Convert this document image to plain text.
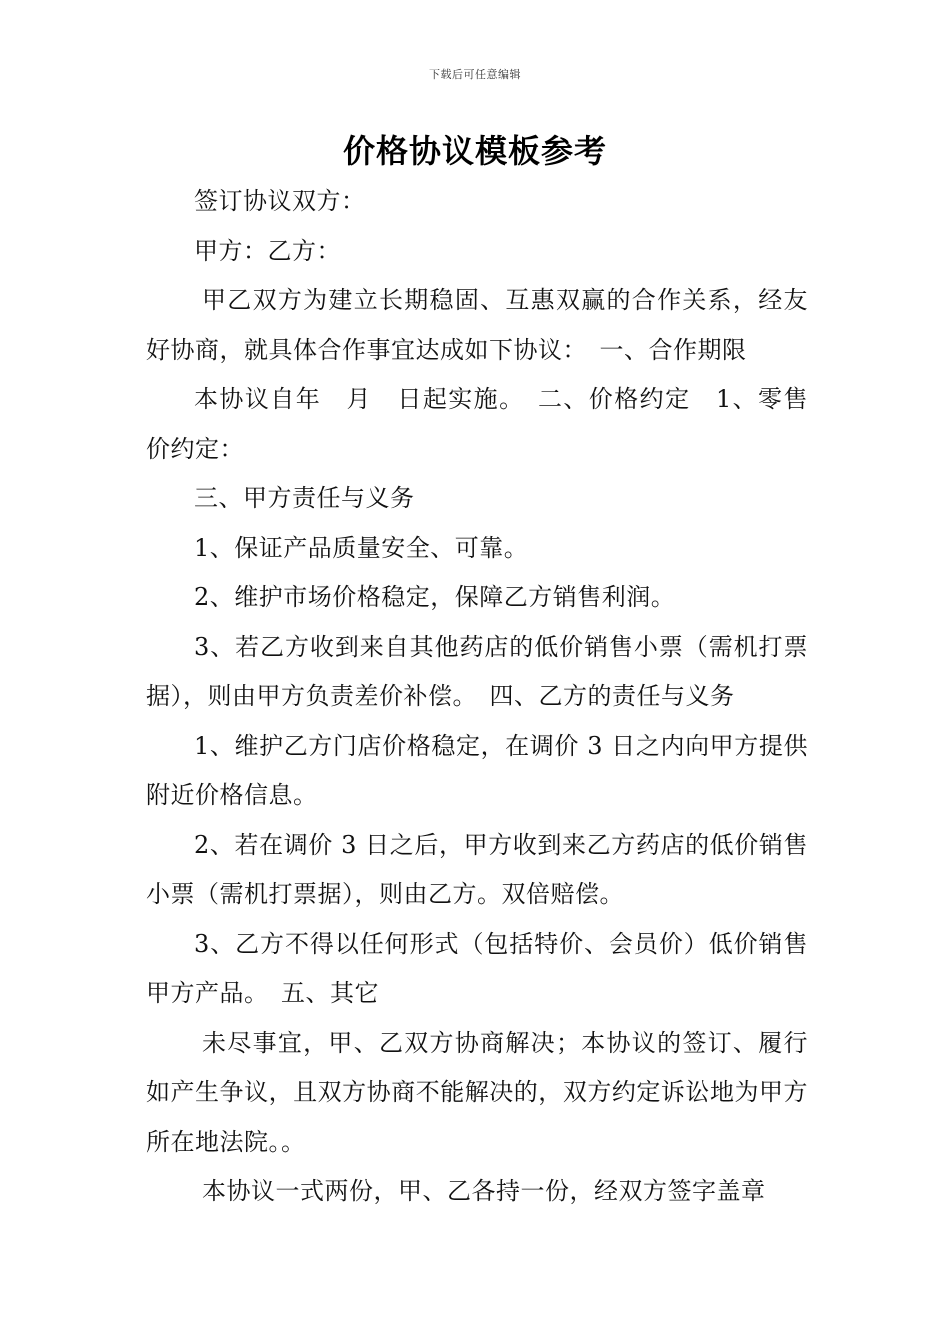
下载后可任意编辑
价格协议模板参考

签订协议双方：

甲方：乙方：

甲乙双方为建立长期稳固、互惠双赢的合作关系，经友好协商，就具体合作事宜达成如下协议：　一、合作期限

本协议自年　月　日起实施。　二、价格约定　1、零售价约定：

三、甲方责任与义务

1、保证产品质量安全、可靠。

2、维护市场价格稳定，保障乙方销售利润。

3、若乙方收到来自其他药店的低价销售小票（需机打票据），则由甲方负责差价补偿。　四、乙方的责任与义务

1、维护乙方门店价格稳定，在调价 3 日之内向甲方提供附近价格信息。

2、若在调价 3 日之后，甲方收到来乙方药店的低价销售小票（需机打票据），则由乙方。双倍赔偿。

3、乙方不得以任何形式（包括特价、会员价）低价销售甲方产品。　五、其它

未尽事宜，甲、乙双方协商解决；本协议的签订、履行如产生争议，且双方协商不能解决的，双方约定诉讼地为甲方所在地法院。。

本协议一式两份，甲、乙各持一份，经双方签字盖章
